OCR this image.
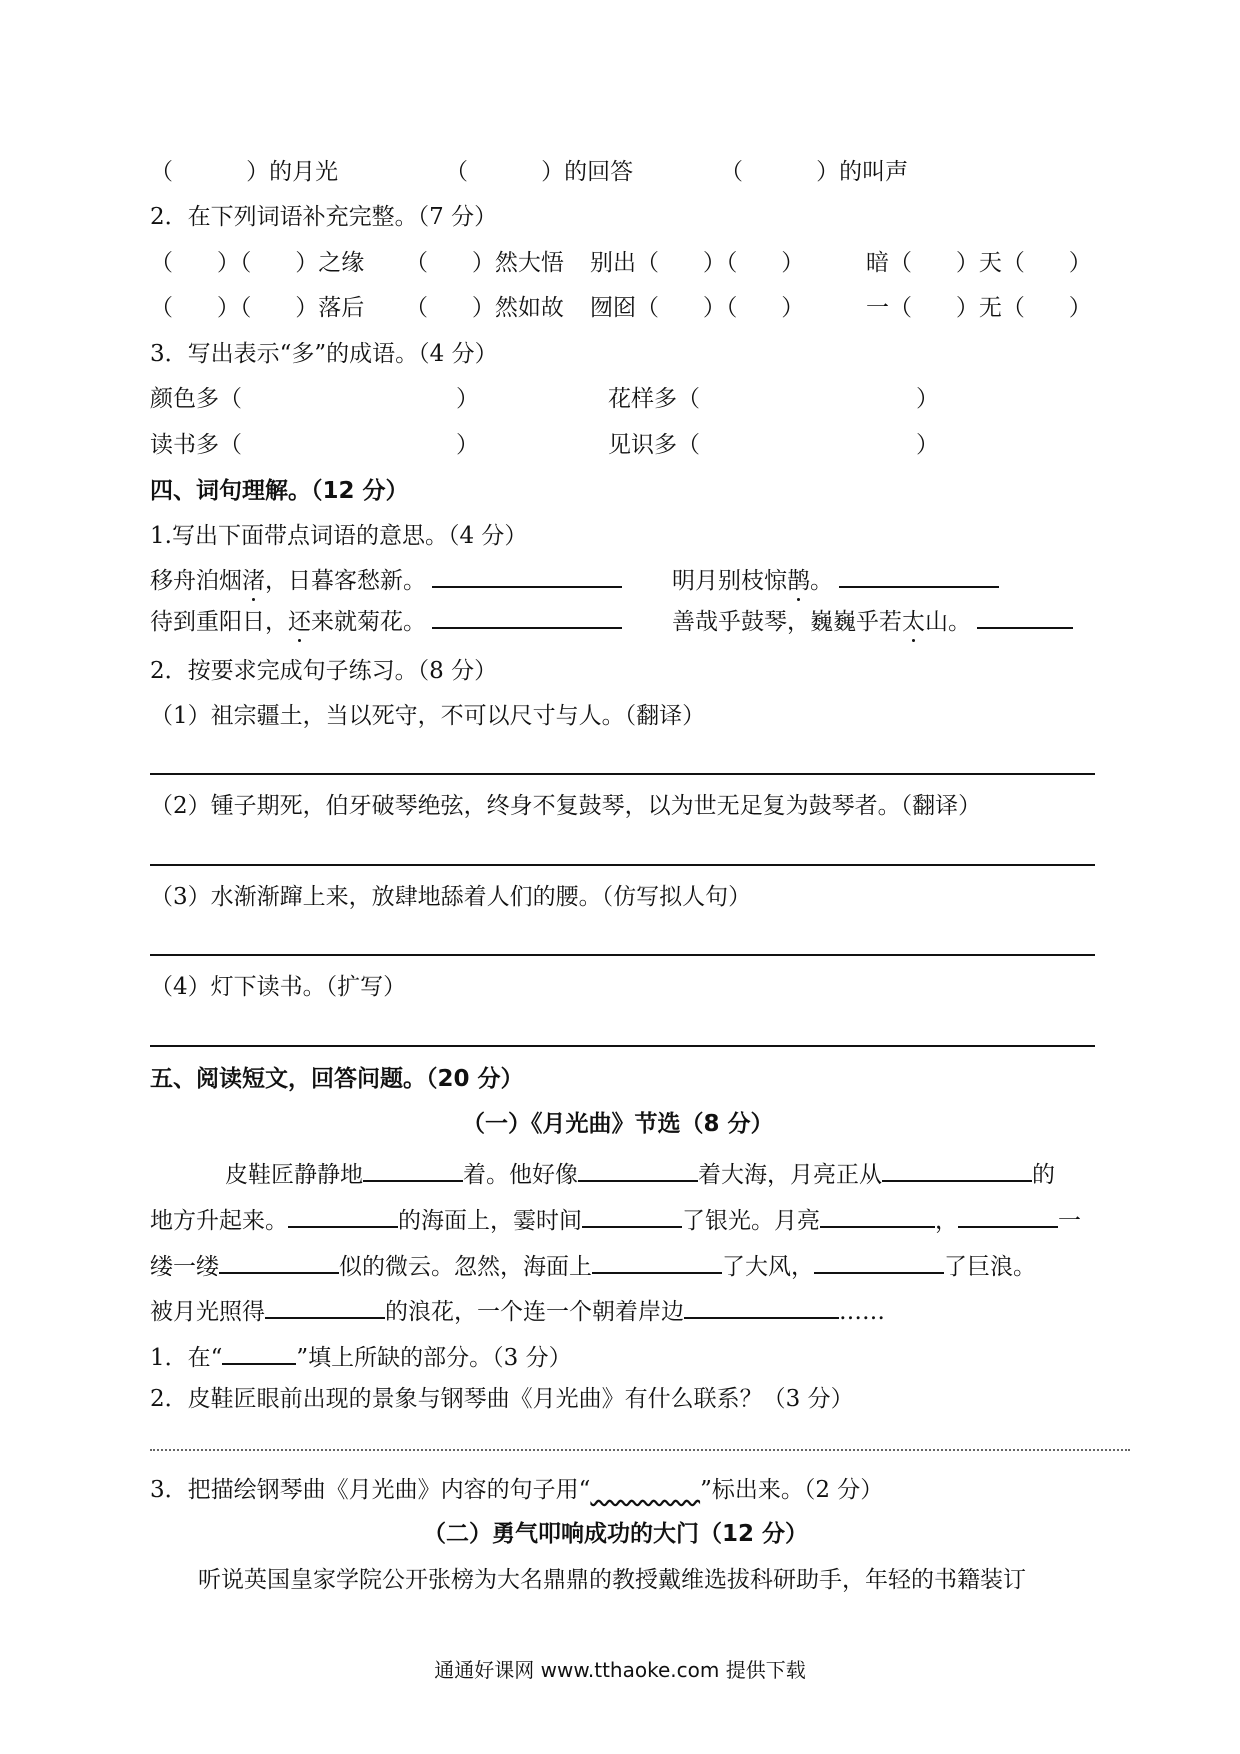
（          ）的月光	（          ）的回答	（          ）的叫声
2．在下列词语补充完整。（7 分）
（      ）（      ）之缘 （      ）然大悟 别出（      ）（      ）	暗（      ）天（      ）
（      ）（      ）落后 （      ）然如故 囫囵（      ）（      ）	一（      ）无（      ）
3．写出表示“多”的成语。（4 分）
颜色多（	）	花样多（	）
读书多（	）	见识多（	）
四、词句理解。（12 分）
1.写出下面带点词语的意思。（4 分）
移舟泊烟渚，日暮客愁新。	明月别枝惊鹊。
待到重阳日，还来就菊花。	善哉乎鼓琴，巍巍乎若太山。
2．按要求完成句子练习。（8 分）
（1）祖宗疆土，当以死守，不可以尺寸与人。（翻译）
（2）锺子期死，伯牙破琴绝弦，终身不复鼓琴，以为世无足复为鼓琴者。（翻译）
（3）水渐渐蹿上来，放肆地舔着人们的腰。（仿写拟人句）
（4）灯下读书。（扩写）
五、阅读短文，回答问题。（20 分）
（一）《月光曲》节选（8 分）
皮鞋匠静静地	着。他好像	着大海，月亮正从	的
地方升起来。	的海面上，霎时间	了银光。月亮	，	一
缕一缕	似的微云。忽然，海面上	了大风，	了巨浪。
被月光照得	的浪花，一个连一个朝着岸边	……
1．在“	”填上所缺的部分。（3 分）
2．皮鞋匠眼前出现的景象与钢琴曲《月光曲》有什么联系？（3 分）
3．把描绘钢琴曲《月光曲》内容的句子用“	”标出来。（2 分）
（二）勇气叩响成功的大门（12 分）
听说英国皇家学院公开张榜为大名鼎鼎的教授戴维选拔科研助手，年轻的书籍装订
通通好课网 www.tthaoke.com 提供下载
